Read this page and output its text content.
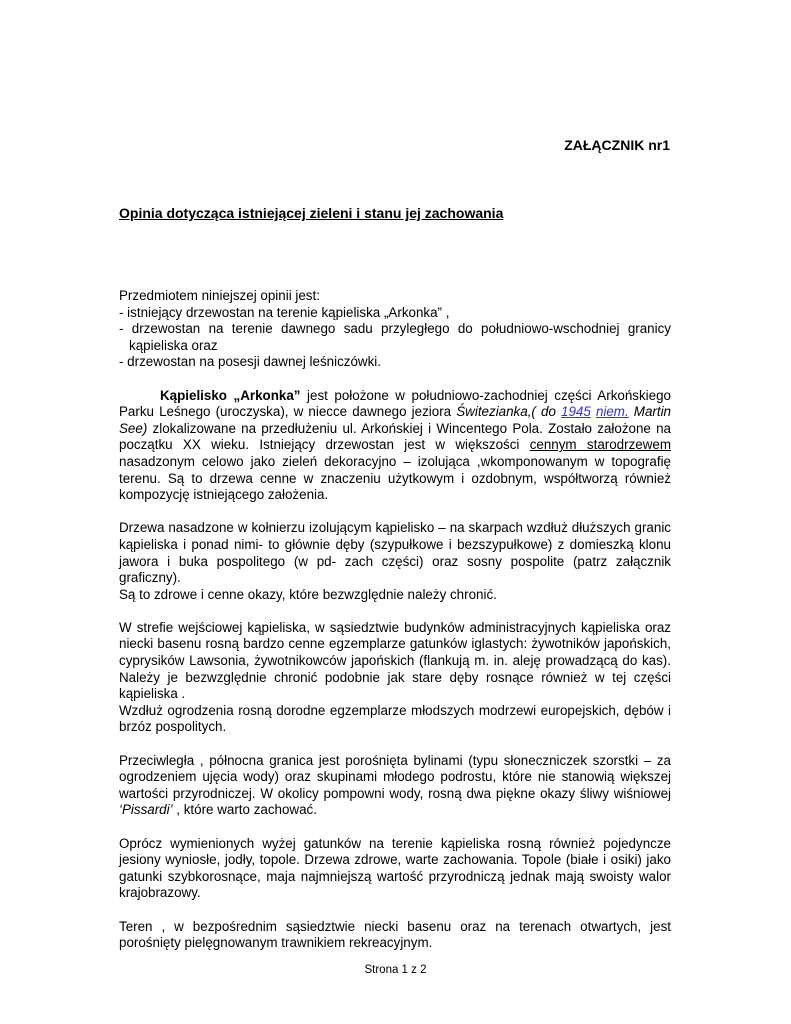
ZAŁĄCZNIK nr1
Opinia dotycząca istniejącej zieleni i stanu jej zachowania

Przedmiotem niniejszej opinii jest:
- istniejący drzewostan na terenie kąpieliska „Arkonka” ,
- drzewostan na terenie dawnego sadu przyległego do południowo-wschodniej granicy kąpieliska oraz
- drzewostan na posesji dawnej leśniczówki.

Kąpielisko „Arkonka” jest położone w południowo-zachodniej części Arkońskiego Parku Leśnego (uroczyska), w niecce dawnego jeziora Świtezianka,( do 1945 niem. Martin See) zlokalizowane na przedłużeniu ul. Arkońskiej i Wincentego Pola. Zostało założone na początku XX wieku. Istniejący drzewostan jest w większości cennym starodrzewem nasadzonym celowo jako zieleń dekoracyjno – izolująca ,wkomponowanym w topografię terenu. Są to drzewa cenne w znaczeniu użytkowym i ozdobnym, współtworzą również kompozycję istniejącego założenia.

Drzewa nasadzone w kołnierzu izolującym kąpielisko – na skarpach wzdłuż dłuższych granic kąpieliska i ponad nimi- to głównie dęby (szypułkowe i bezszypułkowe) z domieszką klonu jawora i buka pospolitego (w pd- zach części) oraz sosny pospolite (patrz załącznik graficzny).
Są to zdrowe i cenne okazy, które bezwzględnie należy chronić.

W strefie wejściowej kąpieliska, w sąsiedztwie budynków administracyjnych kąpieliska oraz niecki basenu rosną bardzo cenne egzemplarze gatunków iglastych: żywotników japońskich, cyprysików Lawsonia, żywotnikowców japońskich (flankują m. in. aleję prowadzącą do kas). Należy je bezwzględnie chronić podobnie jak stare dęby rosnące również w tej części kąpieliska .
Wzdłuż ogrodzenia rosną dorodne egzemplarze młodszych modrzewi europejskich, dębów i brzóz pospolitych.

Przeciwległa , północna granica jest porośnięta bylinami (typu słoneczniczek szorstki – za ogrodzeniem ujęcia wody) oraz skupinami młodego podrostu, które nie stanowią większej wartości przyrodniczej. W okolicy pompowni wody, rosną dwa piękne okazy śliwy wiśniowej ‘Pissardi’ , które warto zachować.

Oprócz wymienionych wyżej gatunków na terenie kąpieliska rosną również pojedyncze jesiony wyniosłe, jodły, topole. Drzewa zdrowe, warte zachowania. Topole (białe i osiki) jako gatunki szybkorosnące, maja najmniejszą wartość przyrodniczą jednak mają swoisty walor krajobrazowy.

Teren , w bezpośrednim sąsiedztwie niecki basenu oraz na terenach otwartych, jest porośnięty pielęgnowanym trawnikiem rekreacyjnym.

Strona 1 z 2
